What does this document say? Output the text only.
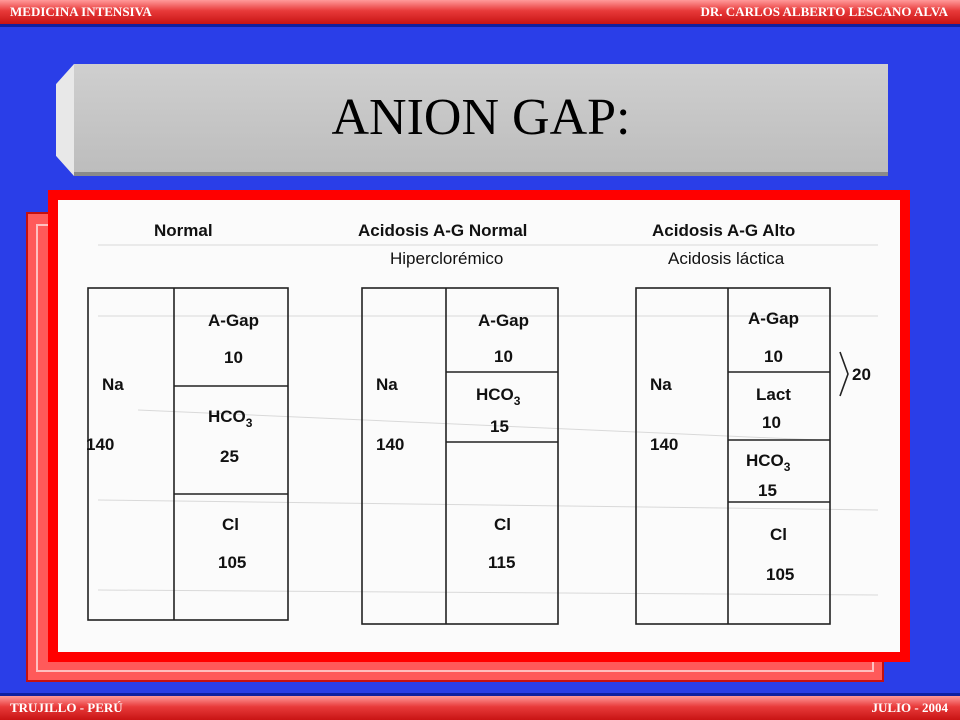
MEDICINA INTENSIVA	DR. CARLOS ALBERTO LESCANO ALVA
ANION GAP:
Normal
Na
140
A-Gap
10
$HCO_3$
25
Cl
105
Acidosis A-G Normal
Hiperclorémico
Na
140
A-Gap
10
$HCO_3$
15
Cl
115
Acidosis A-G Alto
Acidosis láctica
Na
140
A-Gap
10
Lact
10
$HCO_3$
15
Cl
105
20
TRUJILLO - PERÚ	JULIO - 2004
